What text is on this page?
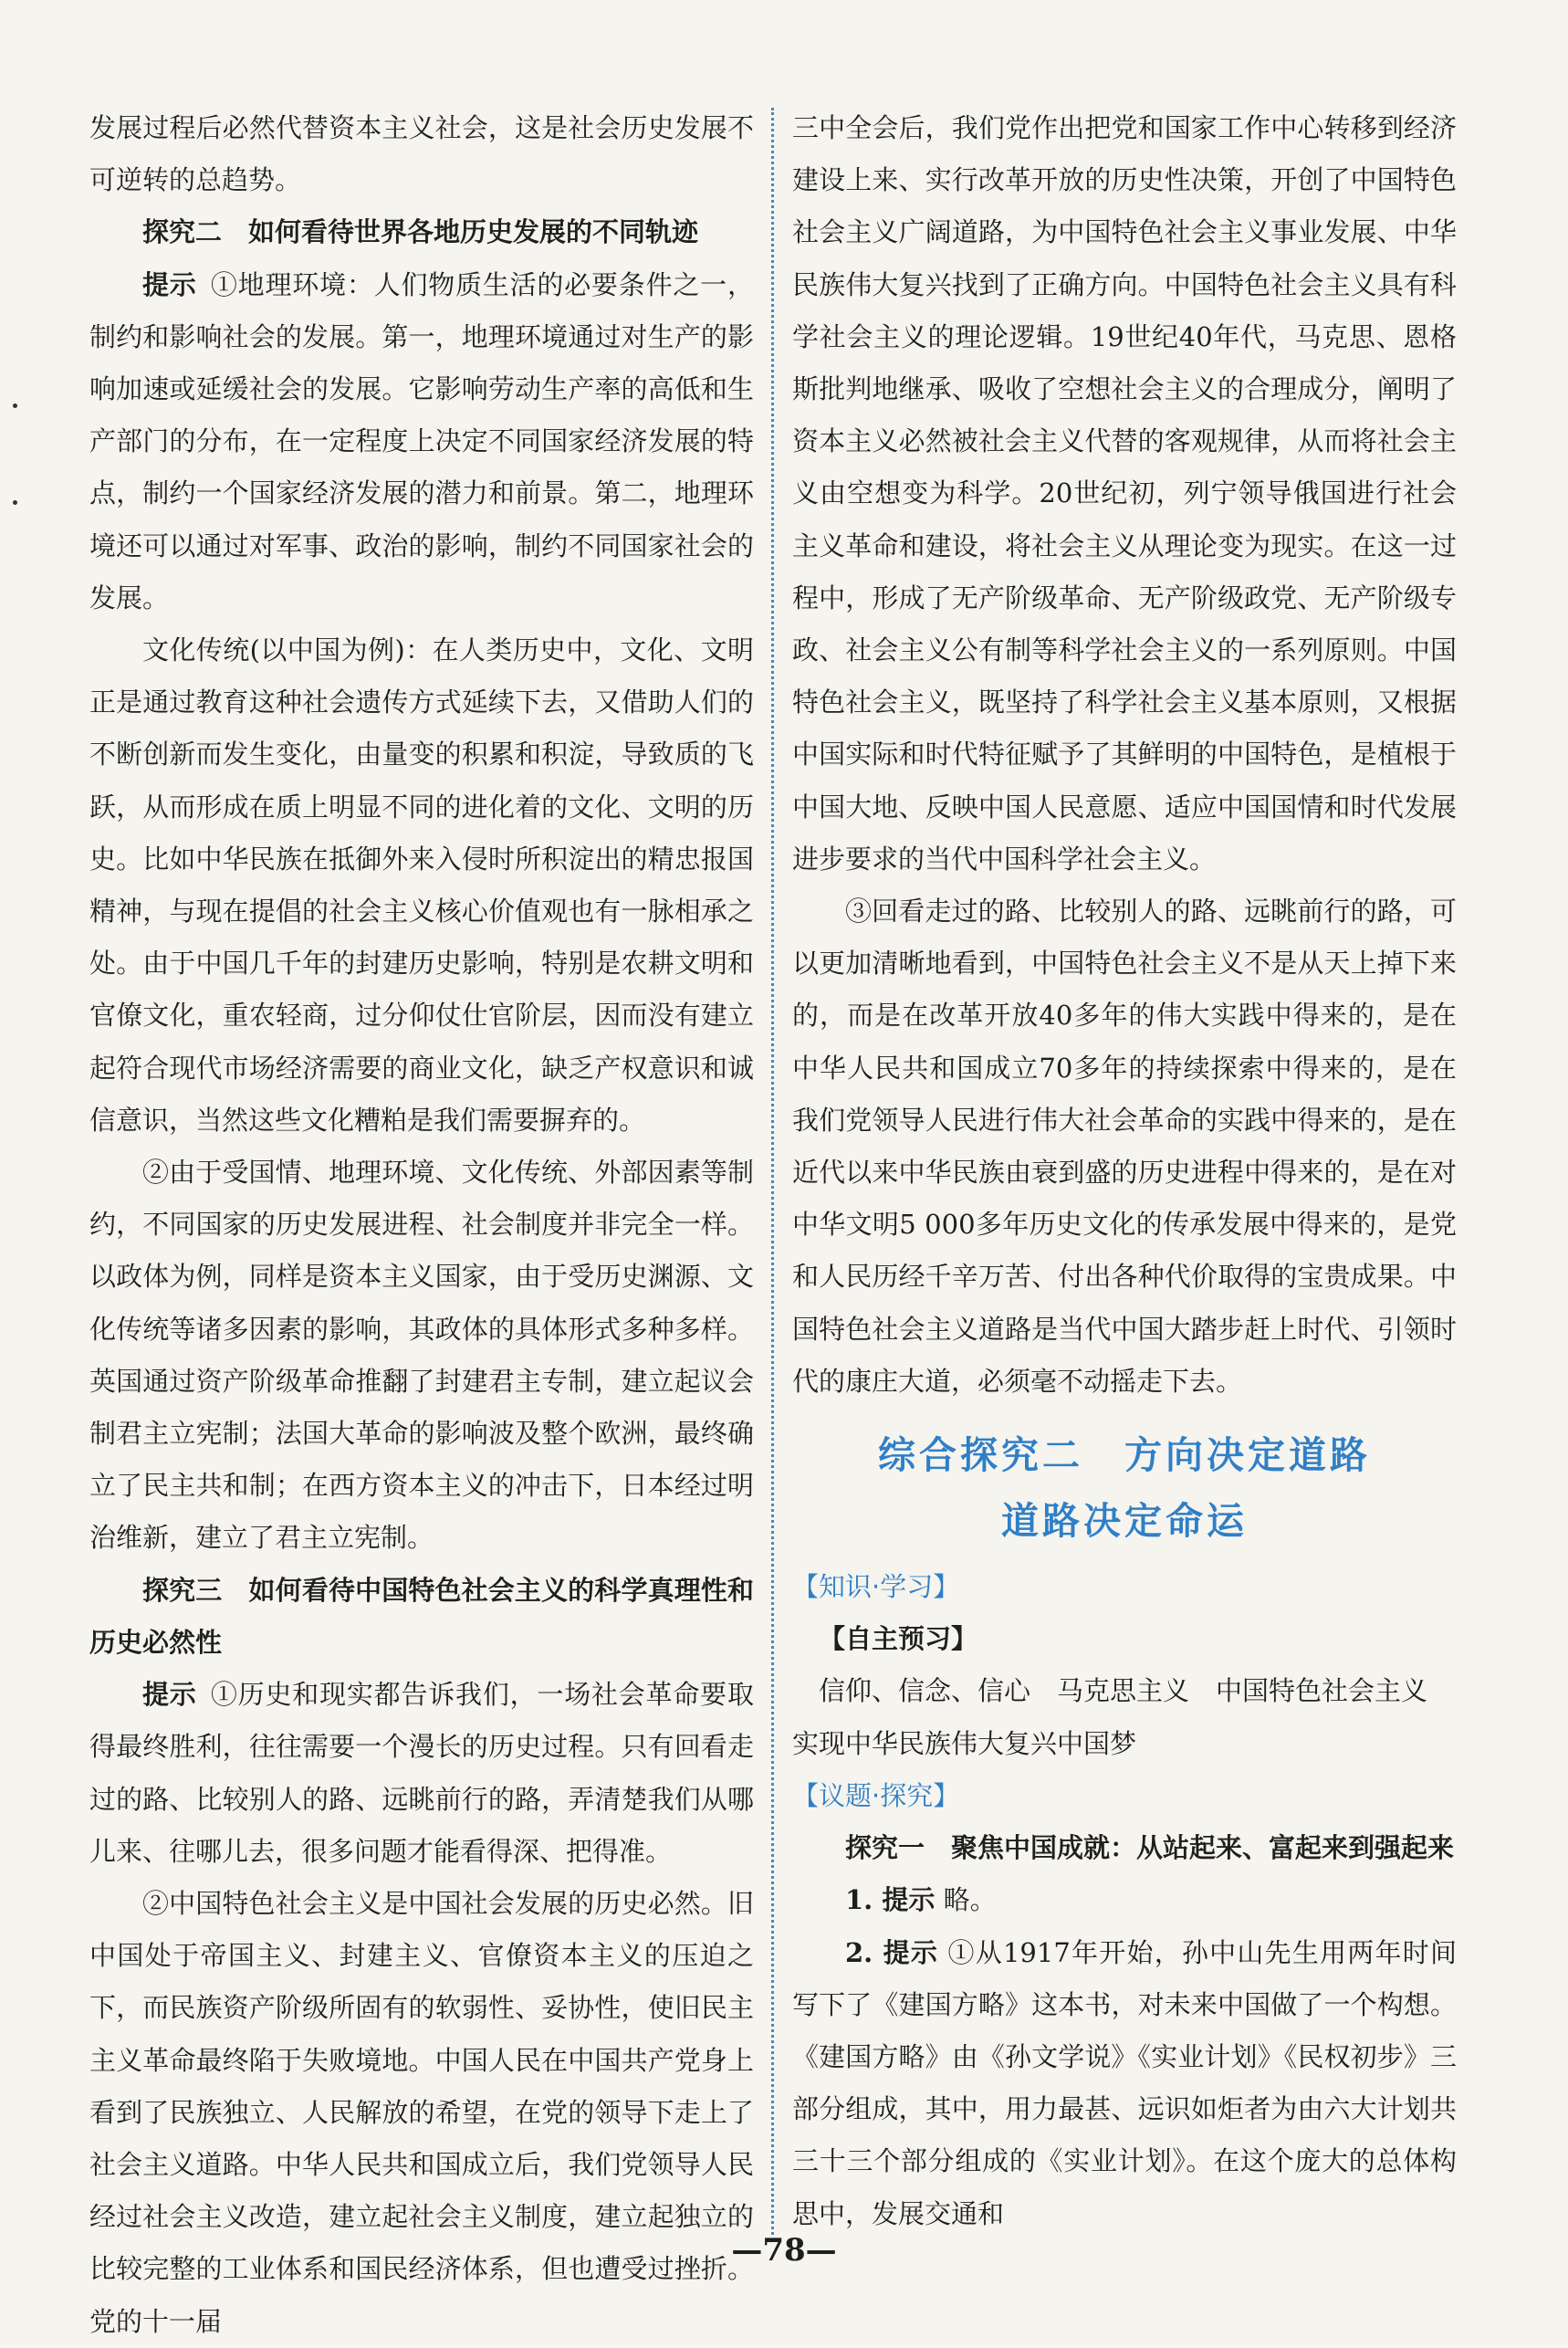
发展过程后必然代替资本主义社会，这是社会历史发展不可逆转的总趋势。

探究二　如何看待世界各地历史发展的不同轨迹

提示  ①地理环境：人们物质生活的必要条件之一，制约和影响社会的发展。第一，地理环境通过对生产的影响加速或延缓社会的发展。它影响劳动生产率的高低和生产部门的分布，在一定程度上决定不同国家经济发展的特点，制约一个国家经济发展的潜力和前景。第二，地理环境还可以通过对军事、政治的影响，制约不同国家社会的发展。

文化传统(以中国为例)：在人类历史中，文化、文明正是通过教育这种社会遗传方式延续下去，又借助人们的不断创新而发生变化，由量变的积累和积淀，导致质的飞跃，从而形成在质上明显不同的进化着的文化、文明的历史。比如中华民族在抵御外来入侵时所积淀出的精忠报国精神，与现在提倡的社会主义核心价值观也有一脉相承之处。由于中国几千年的封建历史影响，特别是农耕文明和官僚文化，重农轻商，过分仰仗仕官阶层，因而没有建立起符合现代市场经济需要的商业文化，缺乏产权意识和诚信意识，当然这些文化糟粕是我们需要摒弃的。

②由于受国情、地理环境、文化传统、外部因素等制约，不同国家的历史发展进程、社会制度并非完全一样。以政体为例，同样是资本主义国家，由于受历史渊源、文化传统等诸多因素的影响，其政体的具体形式多种多样。英国通过资产阶级革命推翻了封建君主专制，建立起议会制君主立宪制；法国大革命的影响波及整个欧洲，最终确立了民主共和制；在西方资本主义的冲击下，日本经过明治维新，建立了君主立宪制。

探究三　如何看待中国特色社会主义的科学真理性和历史必然性

提示  ①历史和现实都告诉我们，一场社会革命要取得最终胜利，往往需要一个漫长的历史过程。只有回看走过的路、比较别人的路、远眺前行的路，弄清楚我们从哪儿来、往哪儿去，很多问题才能看得深、把得准。

②中国特色社会主义是中国社会发展的历史必然。旧中国处于帝国主义、封建主义、官僚资本主义的压迫之下，而民族资产阶级所固有的软弱性、妥协性，使旧民主主义革命最终陷于失败境地。中国人民在中国共产党身上看到了民族独立、人民解放的希望，在党的领导下走上了社会主义道路。中华人民共和国成立后，我们党领导人民经过社会主义改造，建立起社会主义制度，建立起独立的比较完整的工业体系和国民经济体系，但也遭受过挫折。党的十一届

三中全会后，我们党作出把党和国家工作中心转移到经济建设上来、实行改革开放的历史性决策，开创了中国特色社会主义广阔道路，为中国特色社会主义事业发展、中华民族伟大复兴找到了正确方向。中国特色社会主义具有科学社会主义的理论逻辑。19世纪40年代，马克思、恩格斯批判地继承、吸收了空想社会主义的合理成分，阐明了资本主义必然被社会主义代替的客观规律，从而将社会主义由空想变为科学。20世纪初，列宁领导俄国进行社会主义革命和建设，将社会主义从理论变为现实。在这一过程中，形成了无产阶级革命、无产阶级政党、无产阶级专政、社会主义公有制等科学社会主义的一系列原则。中国特色社会主义，既坚持了科学社会主义基本原则，又根据中国实际和时代特征赋予了其鲜明的中国特色，是植根于中国大地、反映中国人民意愿、适应中国国情和时代发展进步要求的当代中国科学社会主义。

③回看走过的路、比较别人的路、远眺前行的路，可以更加清晰地看到，中国特色社会主义不是从天上掉下来的，而是在改革开放40多年的伟大实践中得来的，是在中华人民共和国成立70多年的持续探索中得来的，是在我们党领导人民进行伟大社会革命的实践中得来的，是在近代以来中华民族由衰到盛的历史进程中得来的，是在对中华文明5 000多年历史文化的传承发展中得来的，是党和人民历经千辛万苦、付出各种代价取得的宝贵成果。中国特色社会主义道路是当代中国大踏步赶上时代、引领时代的康庄大道，必须毫不动摇走下去。

综合探究二　方向决定道路

道路决定命运

【知识·学习】

【自主预习】

信仰、信念、信心　马克思主义　中国特色社会主义

实现中华民族伟大复兴中国梦

【议题·探究】

探究一　聚焦中国成就：从站起来、富起来到强起来

1. 提示 略。

2. 提示 ①从1917年开始，孙中山先生用两年时间写下了《建国方略》这本书，对未来中国做了一个构想。《建国方略》由《孙文学说》《实业计划》《民权初步》三部分组成，其中，用力最甚、远识如炬者为由六大计划共三十三个部分组成的《实业计划》。在这个庞大的总体构思中，发展交通和

—78—
